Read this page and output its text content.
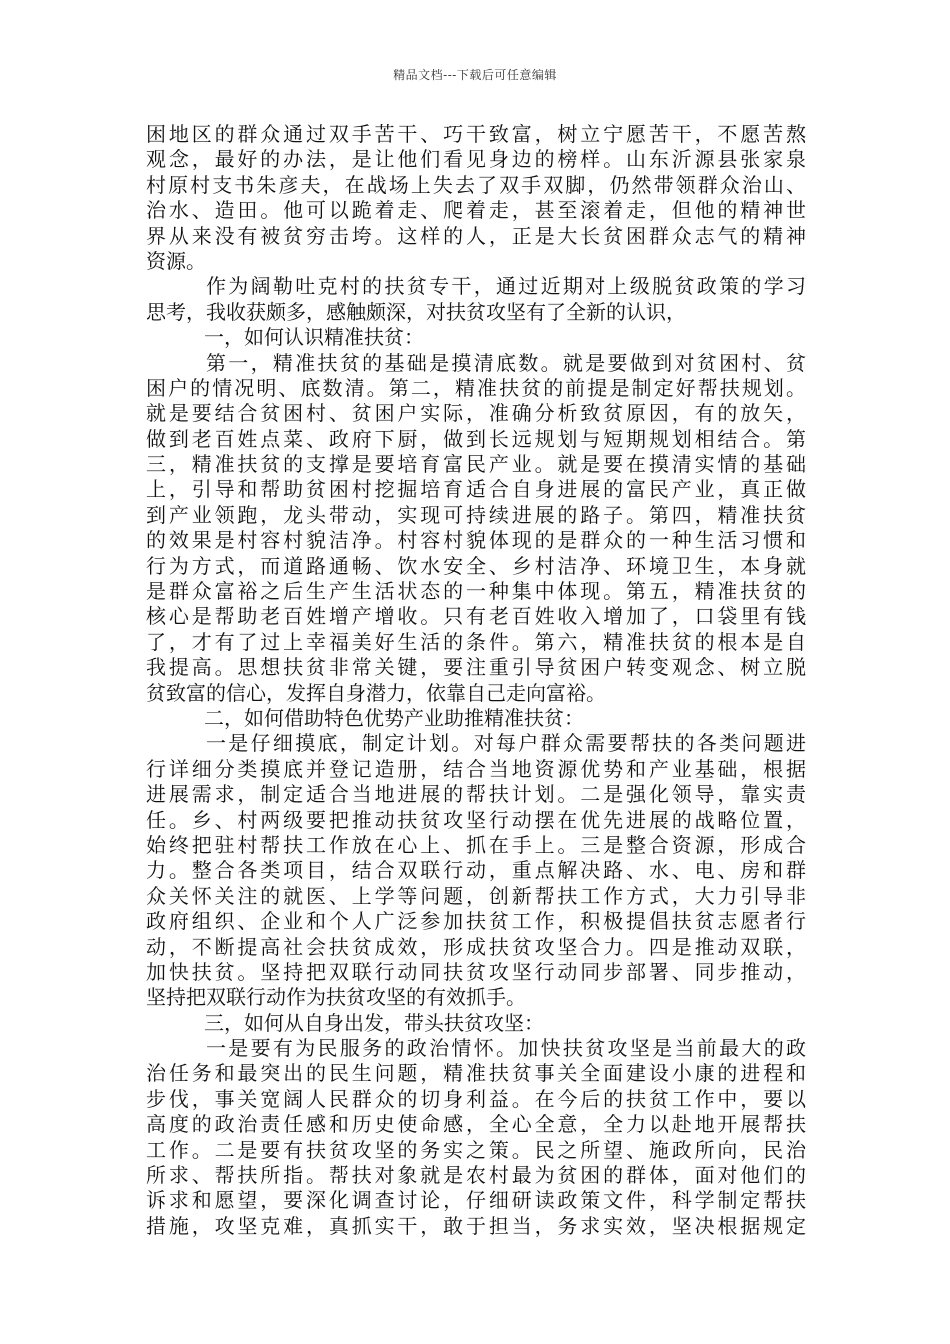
精品文档---下载后可任意编辑
困地区的群众通过双手苦干、巧干致富，树立宁愿苦干，不愿苦熬
观念，最好的办法，是让他们看见身边的榜样。山东沂源县张家泉
村原村支书朱彦夫，在战场上失去了双手双脚，仍然带领群众治山、
治水、造田。他可以跪着走、爬着走，甚至滚着走，但他的精神世
界从来没有被贫穷击垮。这样的人，正是大长贫困群众志气的精神
资源。
作为阔勒吐克村的扶贫专干，通过近期对上级脱贫政策的学习
思考，我收获颇多，感触颇深，对扶贫攻坚有了全新的认识，
一，如何认识精准扶贫：
第一，精准扶贫的基础是摸清底数。就是要做到对贫困村、贫
困户的情况明、底数清。第二，精准扶贫的前提是制定好帮扶规划。
就是要结合贫困村、贫困户实际，准确分析致贫原因，有的放矢，
做到老百姓点菜、政府下厨，做到长远规划与短期规划相结合。第
三，精准扶贫的支撑是要培育富民产业。就是要在摸清实情的基础
上，引导和帮助贫困村挖掘培育适合自身进展的富民产业，真正做
到产业领跑，龙头带动，实现可持续进展的路子。第四，精准扶贫
的效果是村容村貌洁净。村容村貌体现的是群众的一种生活习惯和
行为方式，而道路通畅、饮水安全、乡村洁净、环境卫生，本身就
是群众富裕之后生产生活状态的一种集中体现。第五，精准扶贫的
核心是帮助老百姓增产增收。只有老百姓收入增加了，口袋里有钱
了，才有了过上幸福美好生活的条件。第六，精准扶贫的根本是自
我提高。思想扶贫非常关键，要注重引导贫困户转变观念、树立脱
贫致富的信心，发挥自身潜力，依靠自己走向富裕。
二，如何借助特色优势产业助推精准扶贫：
一是仔细摸底，制定计划。对每户群众需要帮扶的各类问题进
行详细分类摸底并登记造册，结合当地资源优势和产业基础，根据
进展需求，制定适合当地进展的帮扶计划。二是强化领导，靠实责
任。乡、村两级要把推动扶贫攻坚行动摆在优先进展的战略位置，
始终把驻村帮扶工作放在心上、抓在手上。三是整合资源，形成合
力。整合各类项目，结合双联行动，重点解决路、水、电、房和群
众关怀关注的就医、上学等问题，创新帮扶工作方式，大力引导非
政府组织、企业和个人广泛参加扶贫工作，积极提倡扶贫志愿者行
动，不断提高社会扶贫成效，形成扶贫攻坚合力。四是推动双联，
加快扶贫。坚持把双联行动同扶贫攻坚行动同步部署、同步推动，
坚持把双联行动作为扶贫攻坚的有效抓手。
三，如何从自身出发，带头扶贫攻坚：
一是要有为民服务的政治情怀。加快扶贫攻坚是当前最大的政
治任务和最突出的民生问题，精准扶贫事关全面建设小康的进程和
步伐，事关宽阔人民群众的切身利益。在今后的扶贫工作中，要以
高度的政治责任感和历史使命感，全心全意，全力以赴地开展帮扶
工作。二是要有扶贫攻坚的务实之策。民之所望、施政所向，民治
所求、帮扶所指。帮扶对象就是农村最为贫困的群体，面对他们的
诉求和愿望，要深化调查讨论，仔细研读政策文件，科学制定帮扶
措施，攻坚克难，真抓实干，敢于担当，务求实效，坚决根据规定
